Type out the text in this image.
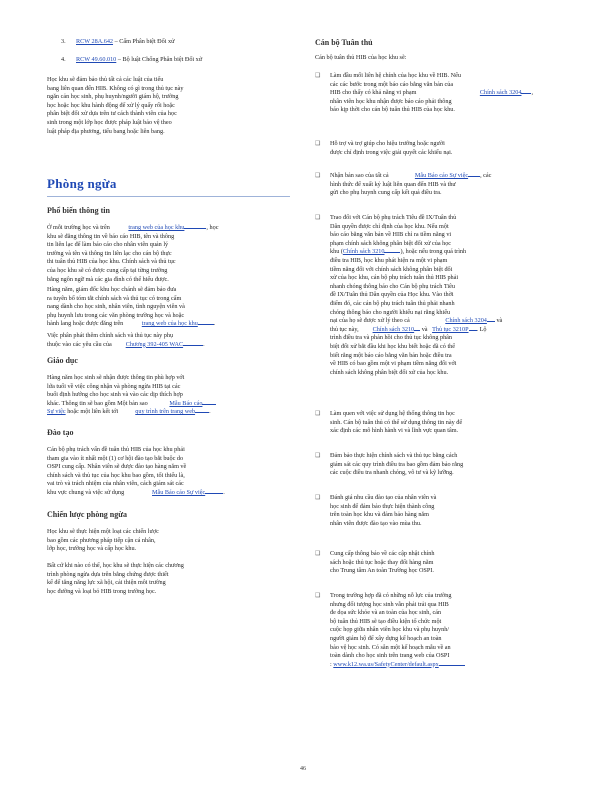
3. RCW 28A.642 – Cấm Phân biệt Đối xử
4. RCW 49.60.010 – Bộ luật Chống Phân biệt Đối xử

Học khu sẽ đảm bảo thủ tất cả các luật của tiểu

bang liên quan đến HIB. Không có gì trong thủ tục này

ngăn cản học sinh, phụ huynh/người giám hộ, trường

học hoặc học khu hành động để xử lý quấy rối hoặc

phân biệt đối xử dựa trên tư cách thành viên của học

sinh trong một lớp học được pháp luật bảo vệ theo

luật pháp địa phương, tiểu bang hoặc liên bang.

Phòng ngừa
Phổ biến thông tin

Ở mỗi trường học và trên	trang web của học khu	, học

khu sẽ đăng thông tin về báo cáo HIB, tên và thông

tin liên lạc để làm báo cáo cho nhân viên quản lý

trường và tên và thông tin liên lạc cho cán bộ thực

thi tuân thủ HIB của học khu. Chính sách và thủ tục

của học khu sẽ có được cung cấp tại từng trường

bằng ngôn ngữ mà các gia đình có thể hiểu được.

Hàng năm, giám đốc khu học chánh sẽ đảm bảo đưa

ra tuyên bố tóm tắt chính sách và thủ tục có trong cẩm

nang dành cho học sinh, nhân viên, tình nguyện viên và

phụ huynh lưu trong các văn phòng trường học và hoặc

hành lang hoặc được đăng trên	trang web của học khu	.

Việc phân phát thêm chính sách và thủ tục này phụ

thuộc vào các yêu cầu của Chương 392-405 WAC	.

Giáo dục

Hàng năm học sinh sẽ nhận được thông tin phù hợp với

lứa tuổi về việc công nhận và phòng ngừa HIB tại các

buổi định hướng cho học sinh và vào các dịp thích hợp

khác. Thông tin sẽ bao gồm Một bản sao	Mẫu Báo cáo

Sự việc hoặc một liên kết tới	quy trình trên trang web .

Đào tạo

Cán bộ phụ trách vấn đề tuân thủ HIB của học khu phải

tham gia vào ít nhất một (1) cơ hội đào tạo bắt buộc do

OSPI cung cấp. Nhân viên sẽ được đào tạo hàng năm về

chính sách và thủ tục của học khu bao gồm, tối thiểu là,

vai trò và trách nhiệm của nhân viên, cách giám sát các

khu vực chung và việc sử dụng	Mẫu Báo cáo Sự việc	.

Chiến lược phòng ngừa

Học khu sẽ thực hiện một loạt các chiến lược

bao gồm các phương pháp tiếp cận cá nhân,

lớp học, trường học và cấp học khu.

Bất cứ khi nào có thể, học khu sẽ thực hiện các chương

trình phòng ngừa dựa trên bằng chứng được thiết

kế để tăng năng lực xã hội, cải thiện môi trường

học đường và loại bỏ HIB trong trường học.

Cán bộ Tuân thủ

Cán bộ tuân thủ HIB của học khu sẽ:

❑ Làm đầu mối liên hệ chính của học khu về HIB. Nếu

các các bước trong một báo cáo bằng văn bản của

HIB cho thấy có khả năng vi phạm	Chính sách 3204 ,

nhân viên học khu nhận được báo cáo phải thông

báo kịp thời cho cán bộ tuân thủ HIB của học khu.

❑ Hỗ trợ và trợ giúp cho hiệu trưởng hoặc người

được chỉ định trong việc giải quyết các khiếu nại.

❑ Nhận bản sao của tất cả	Mẫu Báo cáo Sự việc , các

hình thức để xuất kỷ luật liên quan đến HIB và thư

gửi cho phụ huynh cung cấp kết quả điều tra.

❑ Trao đổi với Cán bộ phụ trách Tiêu đề IX/Tuân thủ

Dân quyền được chỉ định của học khu. Nếu một

báo cáo bằng văn bản về HIB chỉ ra tiềm năng vi

phạm chính sách không phân biệt đối xử của học

khu (Chính sách 3210	), hoặc nếu trong quá trình

điều tra HIB, học khu phát hiện ra một vi phạm

tiềm năng đối với chính sách không phân biệt đối

xử của học khu, cán bộ phụ trách tuân thủ HIB phải

nhanh chóng thông báo cho Cán bộ phụ trách Tiêu

đề IX/Tuân thủ Dân quyền của Học khu. Vào thời

điểm đó, các cán bộ phụ trách tuân thủ phải nhanh

chóng thông báo cho người khiếu nại rằng khiếu

nại của họ sẽ được xử lý theo cả	Chính sách 3204 và

thủ tục này, Chính sách 3210 và Thủ tục 3210P . Lộ

trình điều tra và phản hồi cho thủ tục không phân

biệt đối xử bắt đầu khi học khu biết hoặc đã có thể

biết rằng một báo cáo bằng văn bản hoặc điều tra

về HIB có bao gồm một vi phạm tiềm năng đối với

chính sách không phân biệt đối xử của học khu.

❑ Làm quen với việc sử dụng hệ thống thông tin học

sinh. Cán bộ tuân thủ có thể sử dụng thông tin này để

xác định các mô hình hành vi và lĩnh vực quan tâm.

❑ Đảm bảo thực hiện chính sách và thủ tục bằng cách

giám sát các quy trình điều tra bao gồm đảm bảo rằng

các cuộc điều tra nhanh chóng, vô tư và kỹ lưỡng.

❑ Đánh giá nhu cầu đào tạo của nhân viên và

học sinh để đảm bảo thực hiện thành công

trên toàn học khu và đảm bảo hàng năm

nhân viên được đào tạo vào mùa thu.

❑ Cung cấp thông báo về các cập nhật chính

sách hoặc thủ tục hoặc thay đổi hàng năm

cho Trung tâm An toàn Trường học OSPI.

❑ Trong trường hợp đã có những nỗ lực của trường

nhưng đối tượng học sinh vẫn phải trải qua HIB

đe dọa sức khỏe và an toàn của học sinh, cán

bộ tuân thủ HIB sẽ tạo điều kiện tổ chức một

cuộc họp giữa nhân viên học khu và phụ huynh/

người giám hộ để xây dựng kế hoạch an toàn

bảo vệ học sinh. Có sẵn một kế hoạch mẫu về an

toàn dành cho học sinh trên trang web của OSPI

: www.k12.wa.us/SafetyCenter/default.aspx

46
